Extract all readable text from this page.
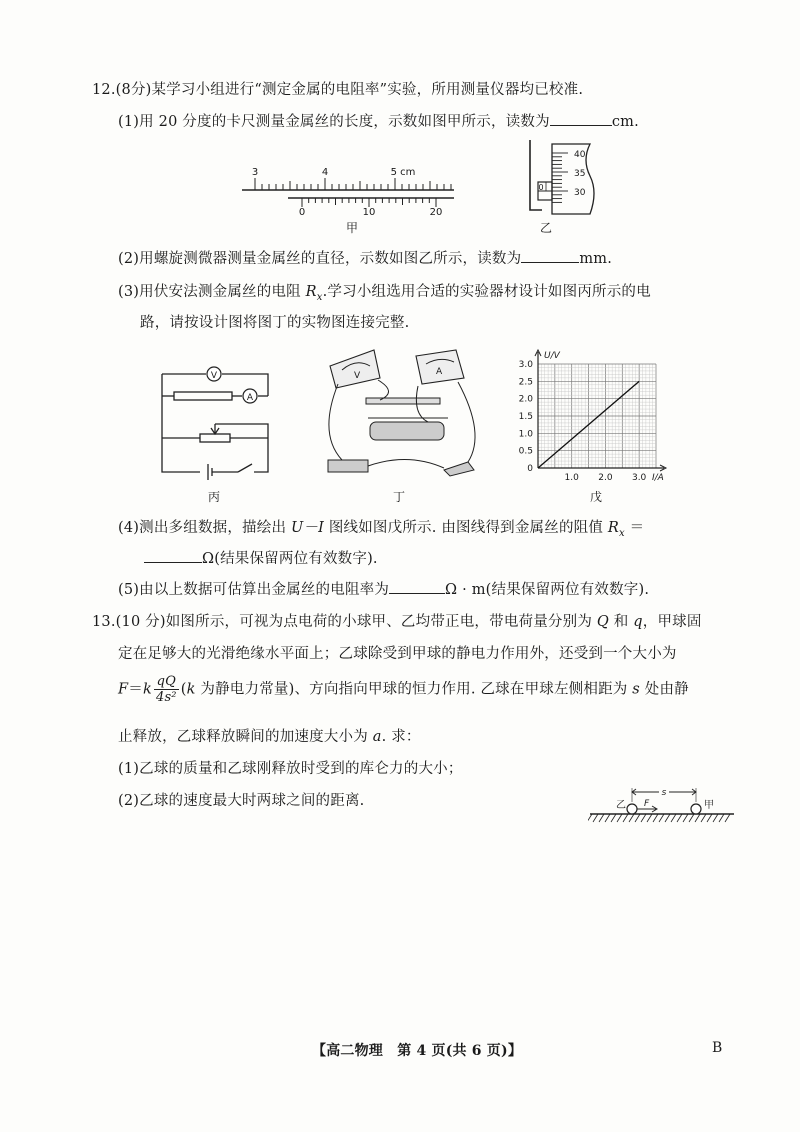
12.(8分)某学习小组进行“测定金属的电阻率”实验，所用测量仪器均已校准.
(1)用 20 分度的卡尺测量金属丝的长度，示数如图甲所示，读数为	cm.
3	4	5 cm
0	10	20
甲
0
40
35
30
乙
(2)用螺旋测微器测量金属丝的直径，示数如图乙所示，读数为	mm.
(3)用伏安法测金属丝的电阻 $R_x$.学习小组选用合适的实验器材设计如图丙所示的电
路，请按设计图将图丁的实物图连接完整.
V
A
丙
V	A
丁
0
0.5
1.0
1.5
2.0
2.5
3.0
1.0 2.0 3.0
U/V
I/A
戊
(4)测出多组数据，描绘出 U－I 图线如图戊所示. 由图线得到金属丝的阻值 $R_x$ ＝
Ω(结果保留两位有效数字).
(5)由以上数据可估算出金属丝的电阻率为	Ω · m(结果保留两位有效数字).
13.(10 分)如图所示，可视为点电荷的小球甲、乙均带正电，带电荷量分别为 Q 和 q，甲球固
定在足够大的光滑绝缘水平面上；乙球除受到甲球的静电力作用外，还受到一个大小为
$F=k \frac{qQ}{\text{4s²}} (k$ 为静电力常量)、方向指向甲球的恒力作用. 乙球在甲球左侧相距为 s 处由静
止释放，乙球释放瞬间的加速度大小为 a. 求：
(1)乙球的质量和乙球刚释放时受到的库仑力的大小；
(2)乙球的速度最大时两球之间的距离.	乙	甲
F
s
【高二物理　第 4 页(共 6 页)】	B
